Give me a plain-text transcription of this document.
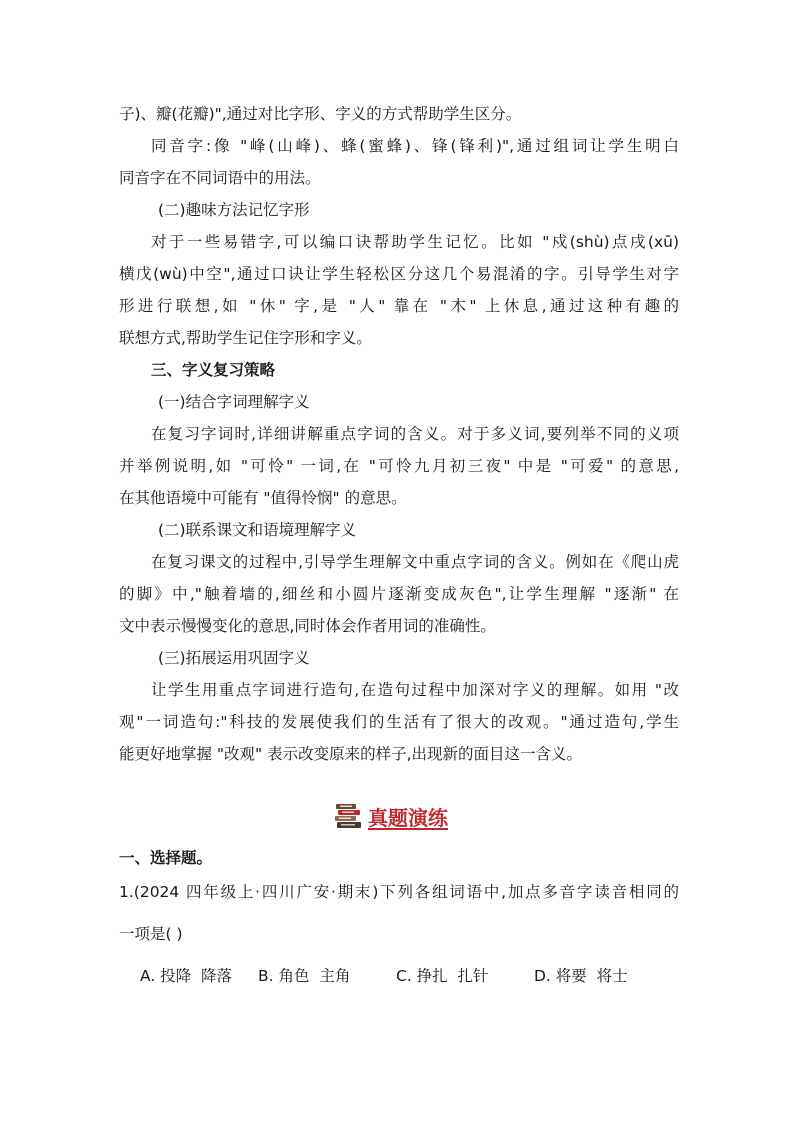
子)、瓣(花瓣)",通过对比字形、字义的方式帮助学生区分。
同音字:像 "峰(山峰)、蜂(蜜蜂)、锋(锋利)",通过组词让学生明白
同音字在不同词语中的用法。
(二)趣味方法记忆字形
对于一些易错字,可以编口诀帮助学生记忆。比如 "戍(shù)点戌(xū)
横戊(wù)中空",通过口诀让学生轻松区分这几个易混淆的字。引导学生对字
形进行联想,如 "休" 字,是 "人" 靠在 "木" 上休息,通过这种有趣的
联想方式,帮助学生记住字形和字义。
三、字义复习策略
(一)结合字词理解字义
在复习字词时,详细讲解重点字词的含义。对于多义词,要列举不同的义项
并举例说明,如 "可怜" 一词,在 "可怜九月初三夜" 中是 "可爱" 的意思,
在其他语境中可能有 "值得怜悯" 的意思。
(二)联系课文和语境理解字义
在复习课文的过程中,引导学生理解文中重点字词的含义。例如在《爬山虎
的脚》中,"触着墙的,细丝和小圆片逐渐变成灰色",让学生理解 "逐渐" 在
文中表示慢慢变化的意思,同时体会作者用词的准确性。
(三)拓展运用巩固字义
让学生用重点字词进行造句,在造句过程中加深对字义的理解。如用 "改
观"一词造句:"科技的发展使我们的生活有了很大的改观。"通过造句,学生
能更好地掌握 "改观" 表示改变原来的样子,出现新的面目这一含义。
真题演练
一、选择题。
1.(2024 四年级上·四川广安·期末)下列各组词语中,加点多音字读音相同的
一项是( )
A. 投降  降落	B. 角色  主角	C. 挣扎  扎针	D. 将要  将士
